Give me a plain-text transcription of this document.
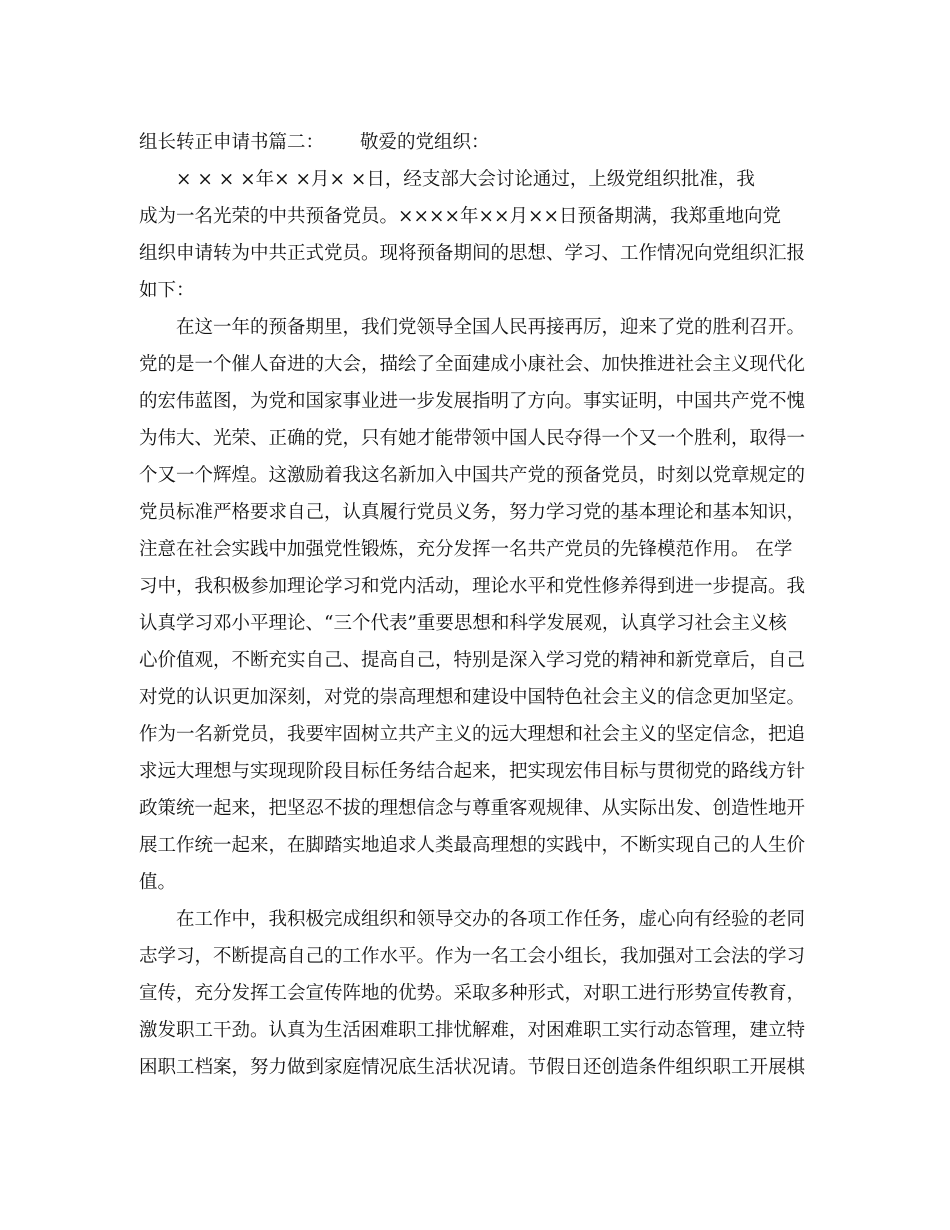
组长转正申请书篇二： 敬爱的党组织：
× × × ×年× ×月× ×日，经支部大会讨论通过，上级党组织批准，我
成为一名光荣的中共预备党员。××××年××月××日预备期满，我郑重地向党
组织申请转为中共正式党员。现将预备期间的思想、学习、工作情况向党组织汇报
如下：
在这一年的预备期里，我们党领导全国人民再接再厉，迎来了党的胜利召开。
党的是一个催人奋进的大会，描绘了全面建成小康社会、加快推进社会主义现代化
的宏伟蓝图，为党和国家事业进一步发展指明了方向。事实证明，中国共产党不愧
为伟大、光荣、正确的党，只有她才能带领中国人民夺得一个又一个胜利，取得一
个又一个辉煌。这激励着我这名新加入中国共产党的预备党员，时刻以党章规定的
党员标准严格要求自己，认真履行党员义务，努力学习党的基本理论和基本知识，
注意在社会实践中加强党性锻炼，充分发挥一名共产党员的先锋模范作用。 在学
习中，我积极参加理论学习和党内活动，理论水平和党性修养得到进一步提高。我
认真学习邓小平理论、“三个代表”重要思想和科学发展观，认真学习社会主义核
心价值观，不断充实自己、提高自己，特别是深入学习党的精神和新党章后，自己
对党的认识更加深刻，对党的崇高理想和建设中国特色社会主义的信念更加坚定。
作为一名新党员，我要牢固树立共产主义的远大理想和社会主义的坚定信念，把追
求远大理想与实现现阶段目标任务结合起来，把实现宏伟目标与贯彻党的路线方针
政策统一起来，把坚忍不拔的理想信念与尊重客观规律、从实际出发、创造性地开
展工作统一起来，在脚踏实地追求人类最高理想的实践中，不断实现自己的人生价
值。
在工作中，我积极完成组织和领导交办的各项工作任务，虚心向有经验的老同
志学习，不断提高自己的工作水平。作为一名工会小组长，我加强对工会法的学习
宣传，充分发挥工会宣传阵地的优势。采取多种形式，对职工进行形势宣传教育，
激发职工干劲。认真为生活困难职工排忧解难，对困难职工实行动态管理，建立特
困职工档案，努力做到家庭情况底生活状况请。节假日还创造条件组织职工开展棋
